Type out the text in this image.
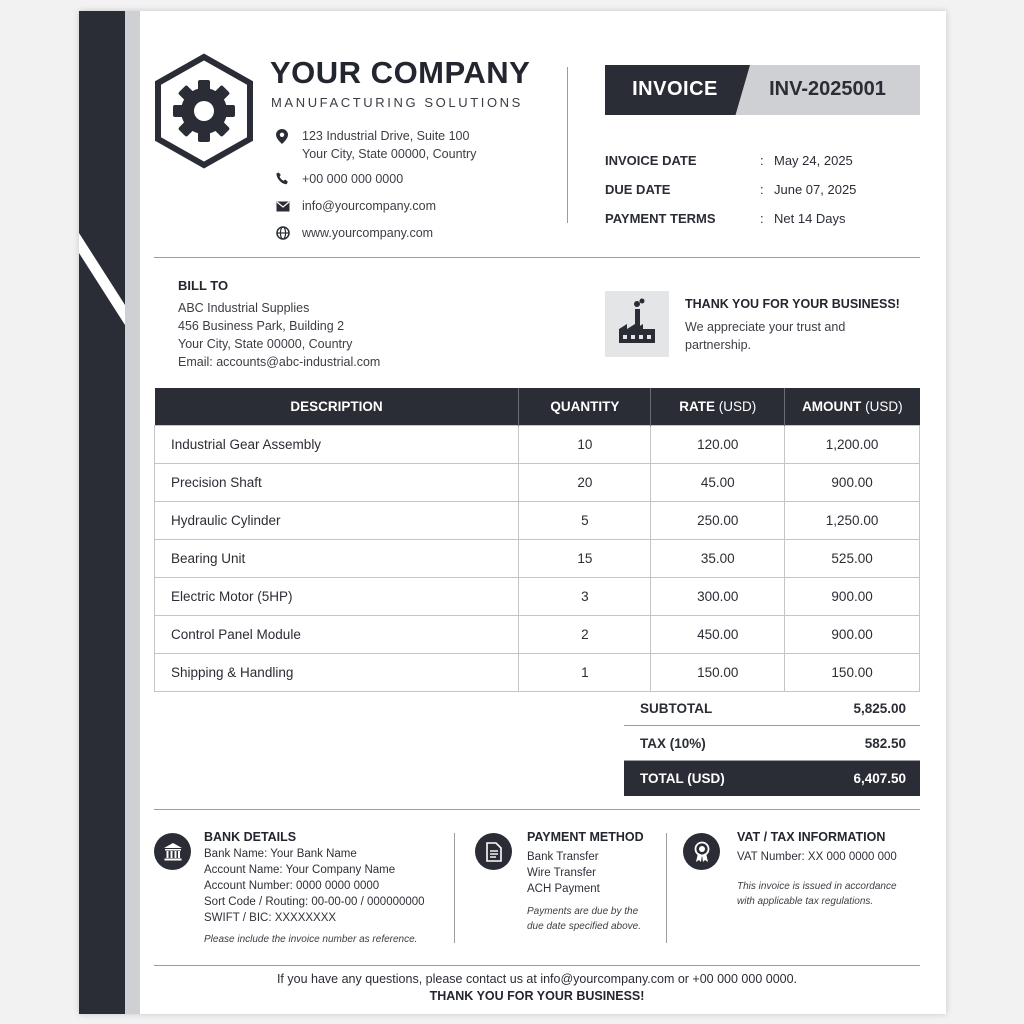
YOUR COMPANY
MANUFACTURING SOLUTIONS
123 Industrial Drive, Suite 100
Your City, State 00000, Country
+00 000 000 0000
info@yourcompany.com
www.yourcompany.com
INVOICE	INV-2025001
INVOICE DATE	: May 24, 2025
DUE DATE	: June 07, 2025
PAYMENT TERMS	: Net 14 Days
BILL TO
ABC Industrial Supplies
456 Business Park, Building 2
Your City, State 00000, Country
Email: accounts@abc-industrial.com
THANK YOU FOR YOUR BUSINESS!
We appreciate your trust and partnership.
DESCRIPTION	QUANTITY	RATE (USD)	AMOUNT (USD)
Industrial Gear Assembly	10	120.00	1,200.00
Precision Shaft	20	45.00	900.00
Hydraulic Cylinder	5	250.00	1,250.00
Bearing Unit	15	35.00	525.00
Electric Motor (5HP)	3	300.00	900.00
Control Panel Module	2	450.00	900.00
Shipping & Handling	1	150.00	150.00
SUBTOTAL	5,825.00
TAX (10%)	582.50
TOTAL (USD)	6,407.50
BANK DETAILS
Bank Name: Your Bank Name
Account Name: Your Company Name
Account Number: 0000 0000 0000
Sort Code / Routing: 00-00-00 / 000000000
SWIFT / BIC: XXXXXXXX
Please include the invoice number as reference.
PAYMENT METHOD
Bank Transfer
Wire Transfer
ACH Payment
Payments are due by the
due date specified above.
VAT / TAX INFORMATION
VAT Number: XX 000 0000 000
This invoice is issued in accordance
with applicable tax regulations.
If you have any questions, please contact us at info@yourcompany.com or +00 000 000 0000.
THANK YOU FOR YOUR BUSINESS!
